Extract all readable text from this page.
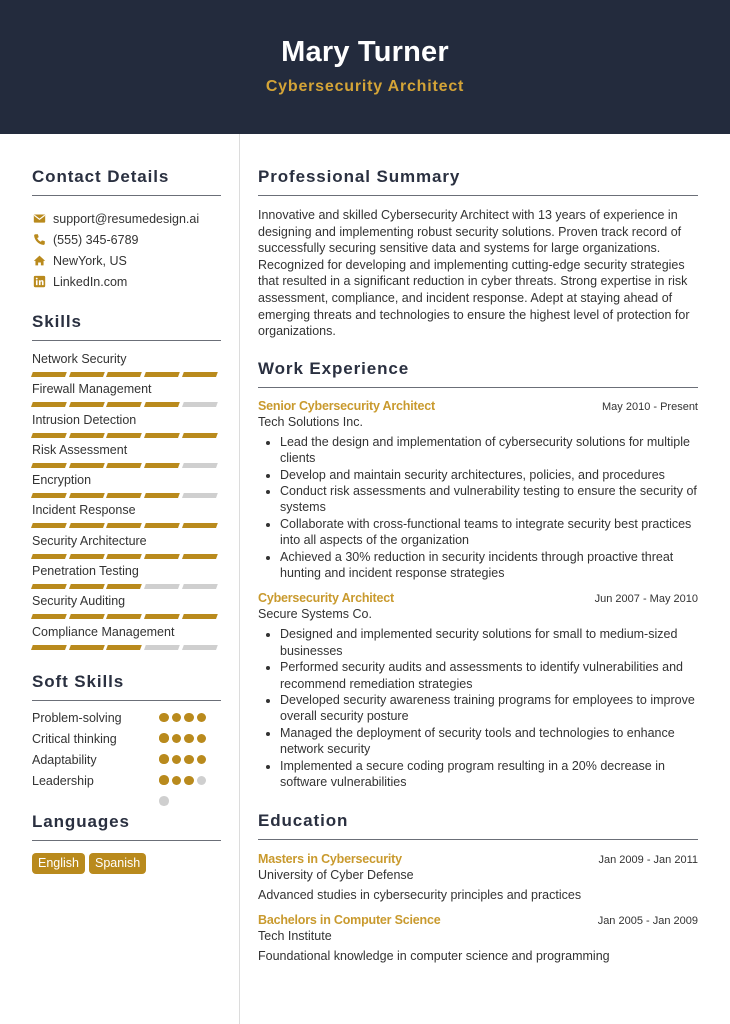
Mary Turner
Cybersecurity Architect
Contact Details
support@resumedesign.ai
(555) 345-6789
NewYork, US
LinkedIn.com
Skills
Network Security
Firewall Management
Intrusion Detection
Risk Assessment
Encryption
Incident Response
Security Architecture
Penetration Testing
Security Auditing
Compliance Management
Soft Skills
Problem-solving
Critical thinking
Adaptability
Leadership
Languages
English	Spanish
Professional Summary
Innovative and skilled Cybersecurity Architect with 13 years of experience in designing and implementing robust security solutions. Proven track record of successfully securing sensitive data and systems for large organizations. Recognized for developing and implementing cutting-edge security strategies that resulted in a significant reduction in cyber threats. Strong expertise in risk assessment, compliance, and incident response. Adept at staying ahead of emerging threats and technologies to ensure the highest level of protection for organizations.
Work Experience
Senior Cybersecurity Architect	May 2010 - Present
Tech Solutions Inc.
• Lead the design and implementation of cybersecurity solutions for multiple clients
• Develop and maintain security architectures, policies, and procedures
• Conduct risk assessments and vulnerability testing to ensure the security of systems
• Collaborate with cross-functional teams to integrate security best practices into all aspects of the organization
• Achieved a 30% reduction in security incidents through proactive threat hunting and incident response strategies
Cybersecurity Architect	Jun 2007 - May 2010
Secure Systems Co.
• Designed and implemented security solutions for small to medium-sized businesses
• Performed security audits and assessments to identify vulnerabilities and recommend remediation strategies
• Developed security awareness training programs for employees to improve overall security posture
• Managed the deployment of security tools and technologies to enhance network security
• Implemented a secure coding program resulting in a 20% decrease in software vulnerabilities
Education
Masters in Cybersecurity	Jan 2009 - Jan 2011
University of Cyber Defense
Advanced studies in cybersecurity principles and practices
Bachelors in Computer Science	Jan 2005 - Jan 2009
Tech Institute
Foundational knowledge in computer science and programming
